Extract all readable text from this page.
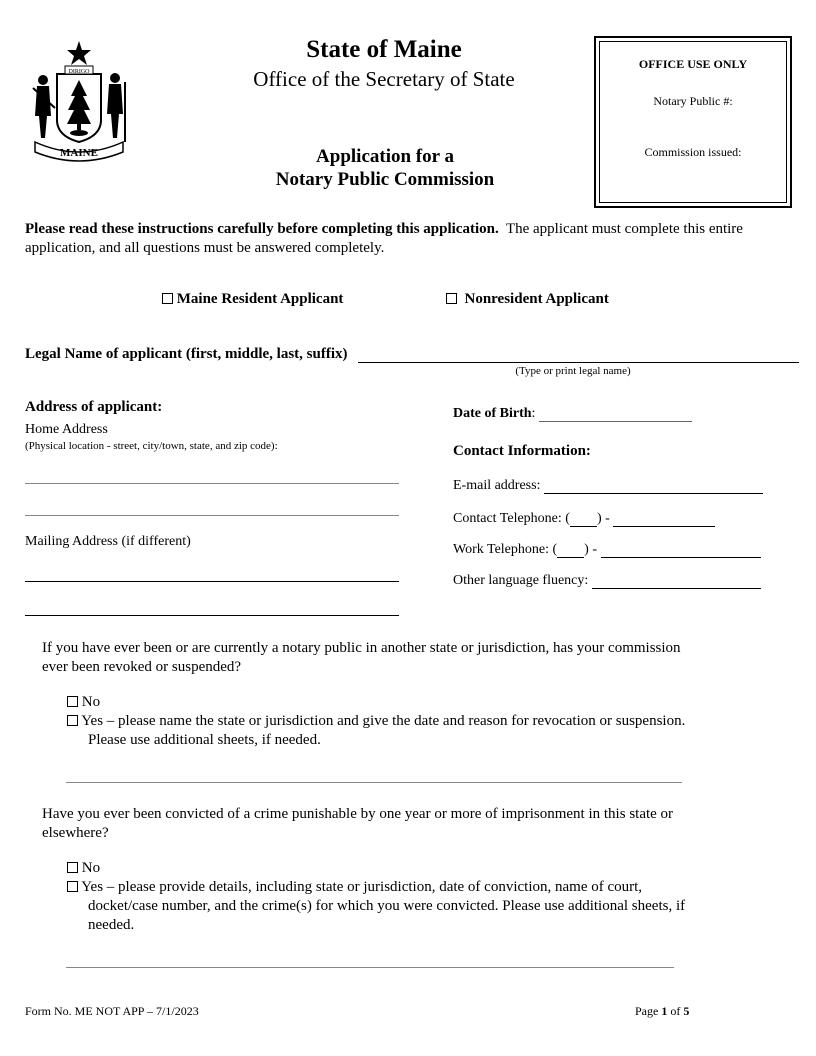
DIRIGO
MAINE
State of Maine
Office of the Secretary of State
Application for a
Notary Public Commission
OFFICE USE ONLY
Notary Public #:
Commission issued:
Please read these instructions carefully before completing this application. The applicant must complete this entire
application, and all questions must be answered completely.
Maine Resident Applicant	Nonresident Applicant
Legal Name of applicant (first, middle, last, suffix)
(Type or print legal name)
Address of applicant:
Home Address
(Physical location - street, city/town, state, and zip code):
Mailing Address (if different)
Date of Birth:
Contact Information:
E-mail address:
Contact Telephone: ( ) -
Work Telephone: ( ) -
Other language fluency:
If you have ever been or are currently a notary public in another state or jurisdiction, has your commission
ever been revoked or suspended?
No
Yes – please name the state or jurisdiction and give the date and reason for revocation or suspension.
Please use additional sheets, if needed.
Have you ever been convicted of a crime punishable by one year or more of imprisonment in this state or
elsewhere?
No
Yes – please provide details, including state or jurisdiction, date of conviction, name of court,
docket/case number, and the crime(s) for which you were convicted. Please use additional sheets, if
needed.
Form No. ME NOT APP – 7/1/2023	Page 1 of 5
